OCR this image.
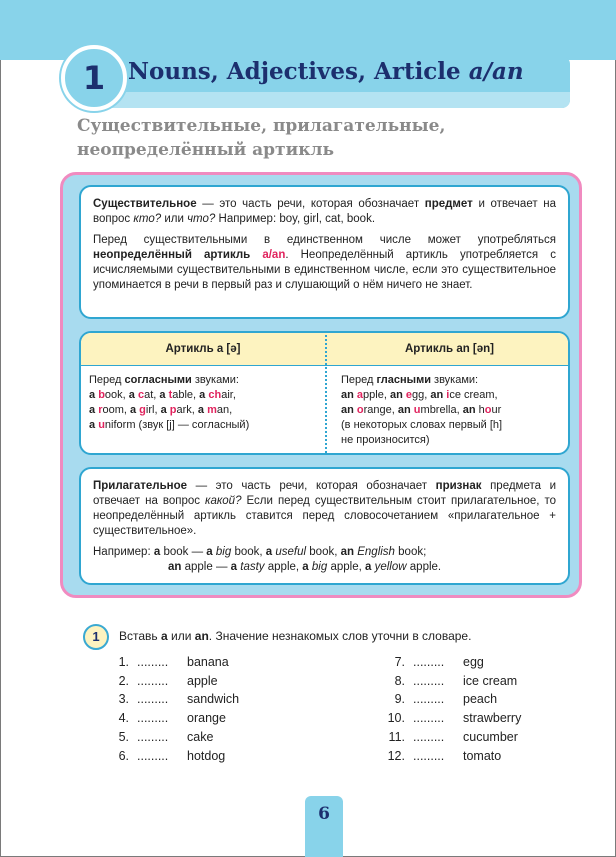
1 Nouns, Adjectives, Article a/an
Существительные, прилагательные,
неопределённый артикль

Существительное — это часть речи, которая обозначает предмет и отвечает на вопрос кто? или что? Например: boy, girl, cat, book.

Перед существительными в единственном числе может употребляться неопределённый артикль a/an. Неопределённый артикль употребляется с исчисляемыми существительными в единственном числе, если это существительное упоминается в речи в первый раз и слушающий о нём ничего не знает.

Артикль a [ə]	Артикль an [ən]
Перед согласными звуками:
a book, a cat, a table, a chair,
a room, a girl, a park, a man,
a uniform (звук [j] — согласный)
Перед гласными звуками:
an apple, an egg, an ice cream,
an orange, an umbrella, an hour
(в некоторых словах первый [h]
не произносится)

Прилагательное — это часть речи, которая обозначает признак предмета и отвечает на вопрос какой? Если перед существительным стоит прилагательное, то неопределённый артикль ставится перед словосочетанием «прилагательное + существительное».

Например: a book — a big book, a useful book, an English book;
an apple — a tasty apple, a big apple, a yellow apple.
1	Вставь a или an. Значение незнакомых слов уточни в словаре.
1. ......... banana
2. ......... apple
3. ......... sandwich
4. ......... orange
5. ......... cake
6. ......... hotdog
7. ......... egg
8. ......... ice cream
9. ......... peach
10. ......... strawberry
11. ......... cucumber
12. ......... tomato
6
